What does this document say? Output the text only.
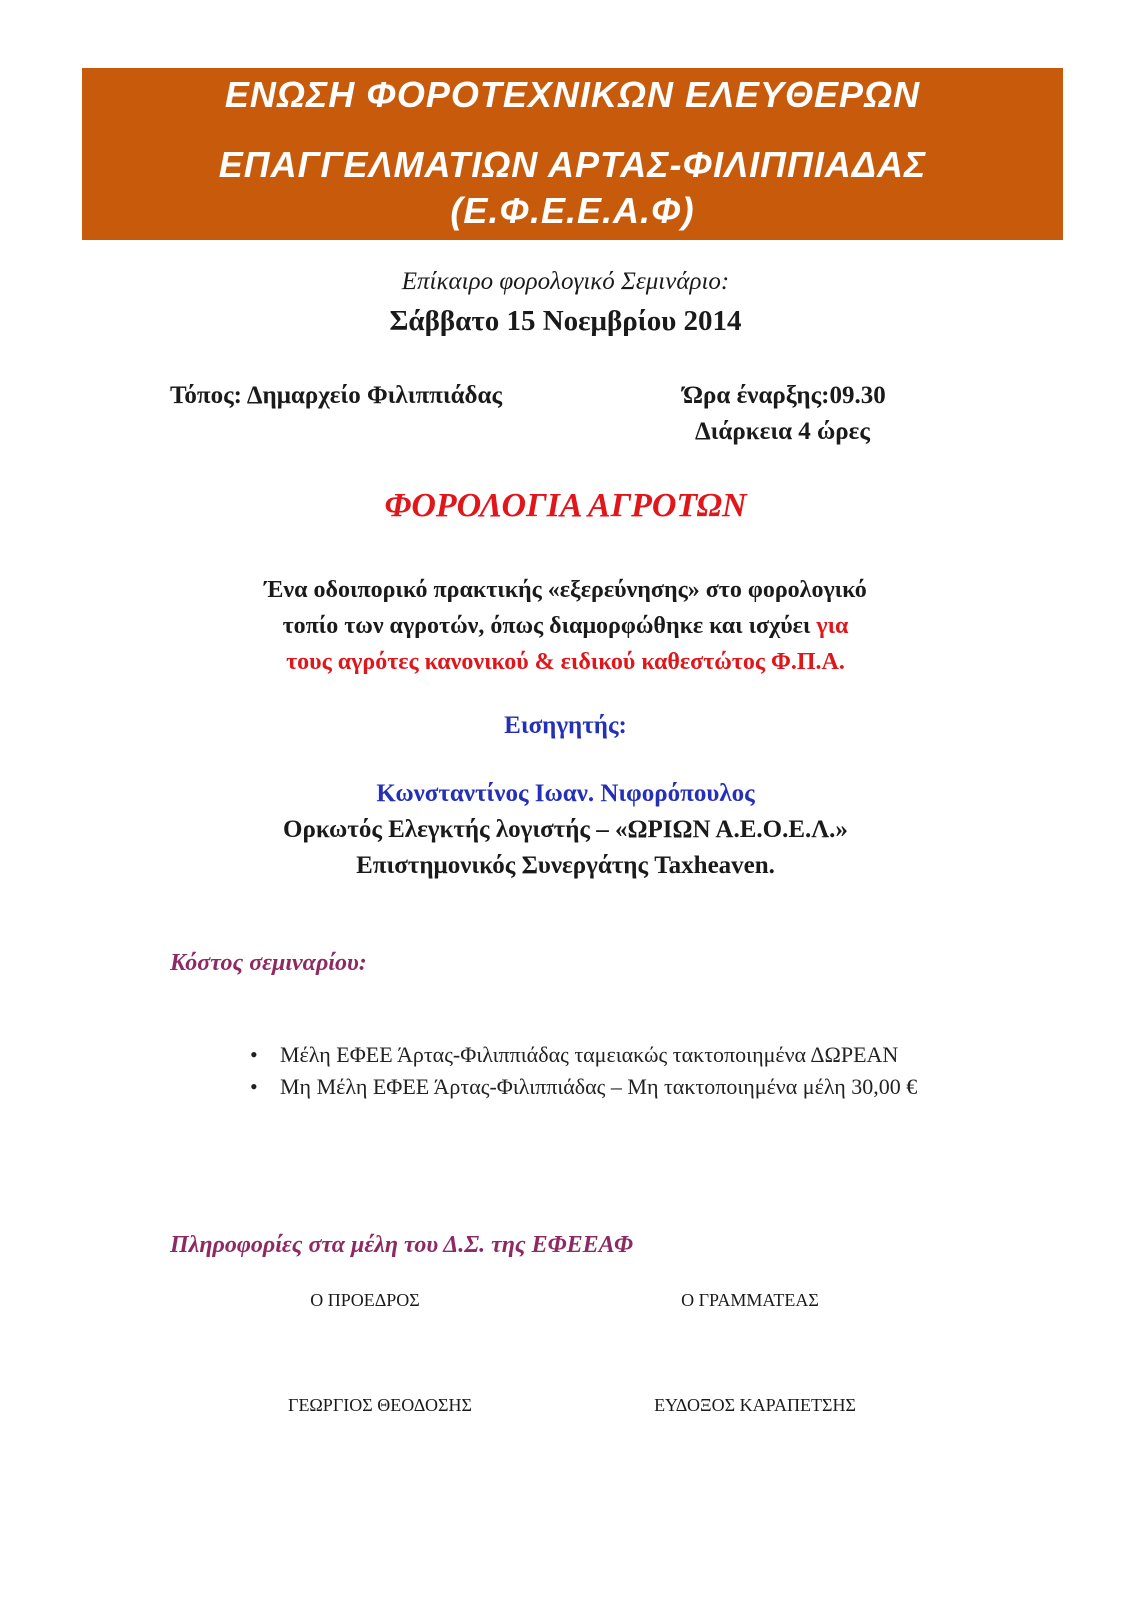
ΕΝΩΣΗ ΦΟΡΟΤΕΧΝΙΚΩΝ ΕΛΕΥΘΕΡΩΝ
ΕΠΑΓΓΕΛΜΑΤΙΩΝ ΑΡΤΑΣ-ΦΙΛΙΠΠΙΑΔΑΣ
(Ε.Φ.Ε.Ε.Α.Φ)
Επίκαιρο φορολογικό Σεμινάριο:
Σάββατο 15 Νοεμβρίου 2014
Τόπος: Δημαρχείο Φιλιππιάδας	Ώρα έναρξης:09.30
Διάρκεια 4 ώρες
ΦΟΡΟΛΟΓΙΑ ΑΓΡΟΤΩΝ
Ένα οδοιπορικό πρακτικής «εξερεύνησης» στο φορολογικό
τοπίο των αγροτών, όπως διαμορφώθηκε και ισχύει για
τους αγρότες κανονικού & ειδικού καθεστώτος Φ.Π.Α.
Εισηγητής:
Κωνσταντίνος Ιωαν. Νιφορόπουλος
Ορκωτός Ελεγκτής λογιστής – «ΩΡΙΩΝ Α.Ε.Ο.Ε.Λ.»
Επιστημονικός Συνεργάτης Taxheaven.
Κόστος σεμιναρίου:
• Μέλη ΕΦΕΕ Άρτας-Φιλιππιάδας ταμειακώς τακτοποιημένα ΔΩΡΕΑΝ
• Μη Μέλη ΕΦΕΕ Άρτας-Φιλιππιάδας – Μη τακτοποιημένα μέλη 30,00 €
Πληροφορίες στα μέλη του Δ.Σ. της ΕΦΕΕΑΦ
Ο ΠΡΟΕΔΡΟΣ	Ο ΓΡΑΜΜΑΤΕΑΣ
ΓΕΩΡΓΙΟΣ ΘΕΟΔΟΣΗΣ	ΕΥΔΟΞΟΣ ΚΑΡΑΠΕΤΣΗΣ
